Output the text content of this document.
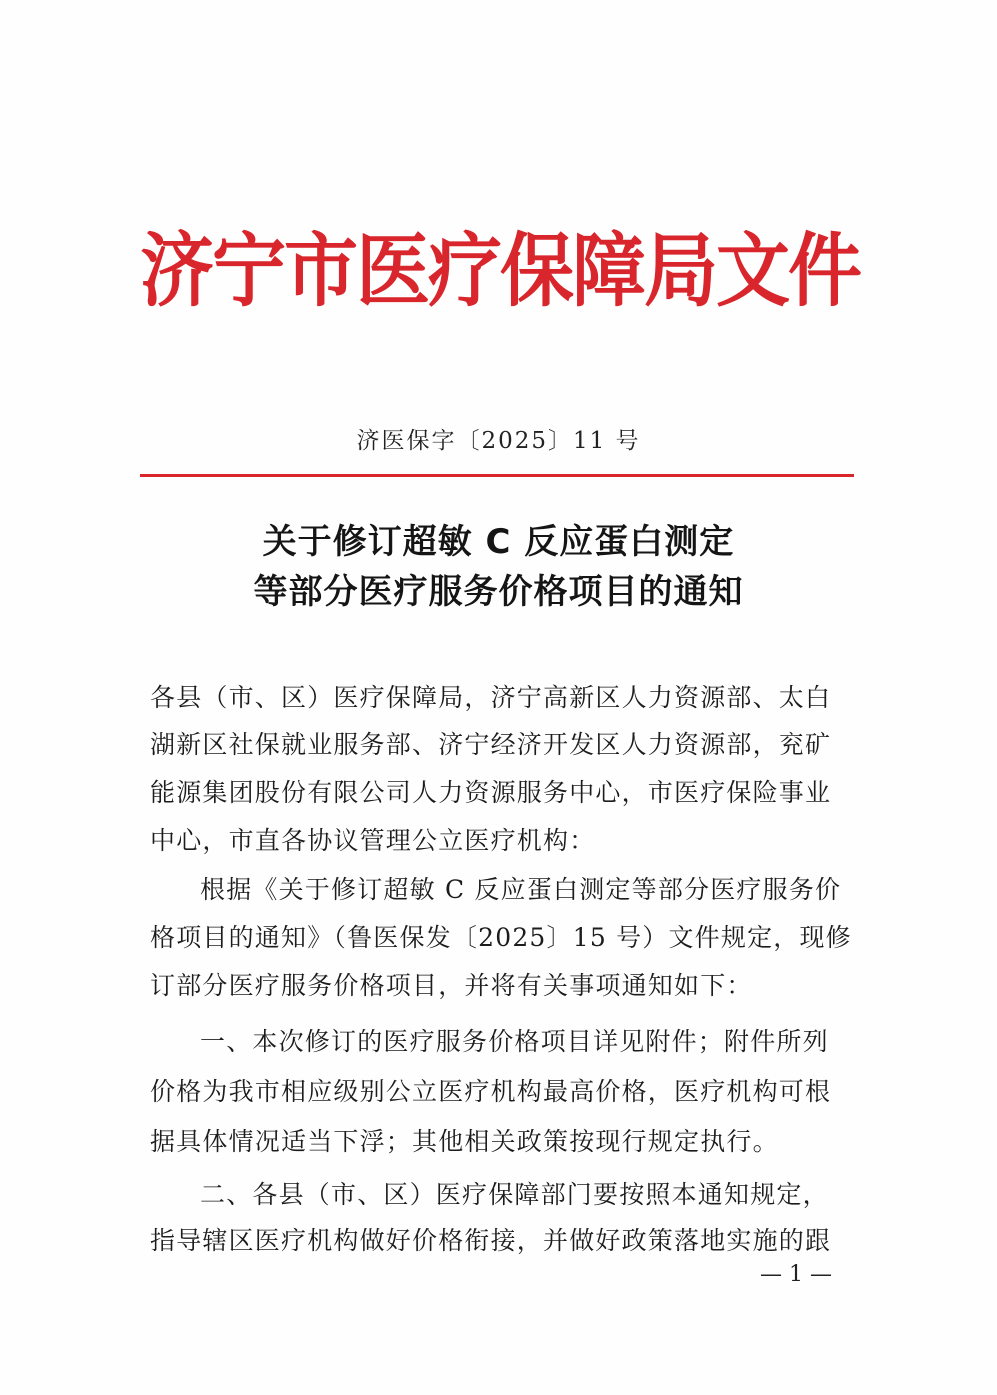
济宁市医疗保障局文件
济医保字〔2025〕11 号
关于修订超敏 C 反应蛋白测定
等部分医疗服务价格项目的通知
各县（市、区）医疗保障局，济宁高新区人力资源部、太白
湖新区社保就业服务部、济宁经济开发区人力资源部，兖矿
能源集团股份有限公司人力资源服务中心，市医疗保险事业
中心，市直各协议管理公立医疗机构：
根据《关于修订超敏 C 反应蛋白测定等部分医疗服务价
格项目的通知》（鲁医保发〔2025〕15 号）文件规定，现修
订部分医疗服务价格项目，并将有关事项通知如下：
一、本次修订的医疗服务价格项目详见附件；附件所列
价格为我市相应级别公立医疗机构最高价格，医疗机构可根
据具体情况适当下浮；其他相关政策按现行规定执行。
二、各县（市、区）医疗保障部门要按照本通知规定，
指导辖区医疗机构做好价格衔接，并做好政策落地实施的跟
— 1 —
